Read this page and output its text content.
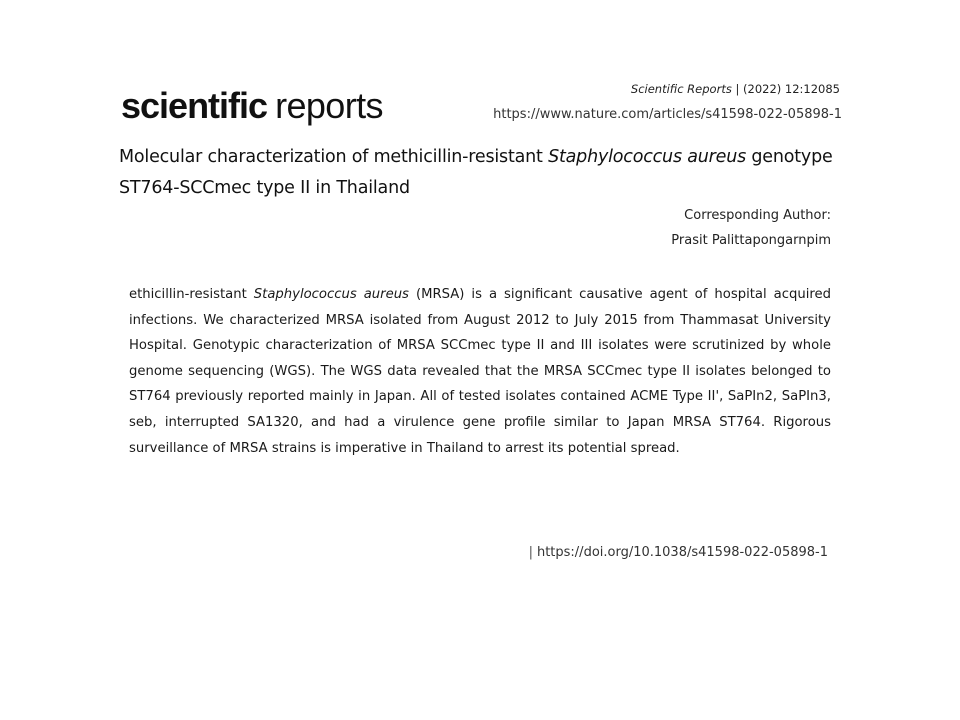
scientific reports	Scientific Reports | (2022) 12:12085
https://www.nature.com/articles/s41598-022-05898-1
Molecular characterization of methicillin-resistant Staphylococcus aureus genotype ST764-SCCmec type II in Thailand
Corresponding Author:
Prasit Palittapongarnpim
ethicillin-resistant Staphylococcus aureus (MRSA) is a significant causative agent of hospital acquired infections. We characterized MRSA isolated from August 2012 to July 2015 from Thammasat University Hospital. Genotypic characterization of MRSA SCCmec type II and III isolates were scrutinized by whole genome sequencing (WGS). The WGS data revealed that the MRSA SCCmec type II isolates belonged to ST764 previously reported mainly in Japan. All of tested isolates contained ACME Type II', SaPIn2, SaPIn3, seb, interrupted SA1320, and had a virulence gene profile similar to Japan MRSA ST764. Rigorous surveillance of MRSA strains is imperative in Thailand to arrest its potential spread.
| https://doi.org/10.1038/s41598-022-05898-1
